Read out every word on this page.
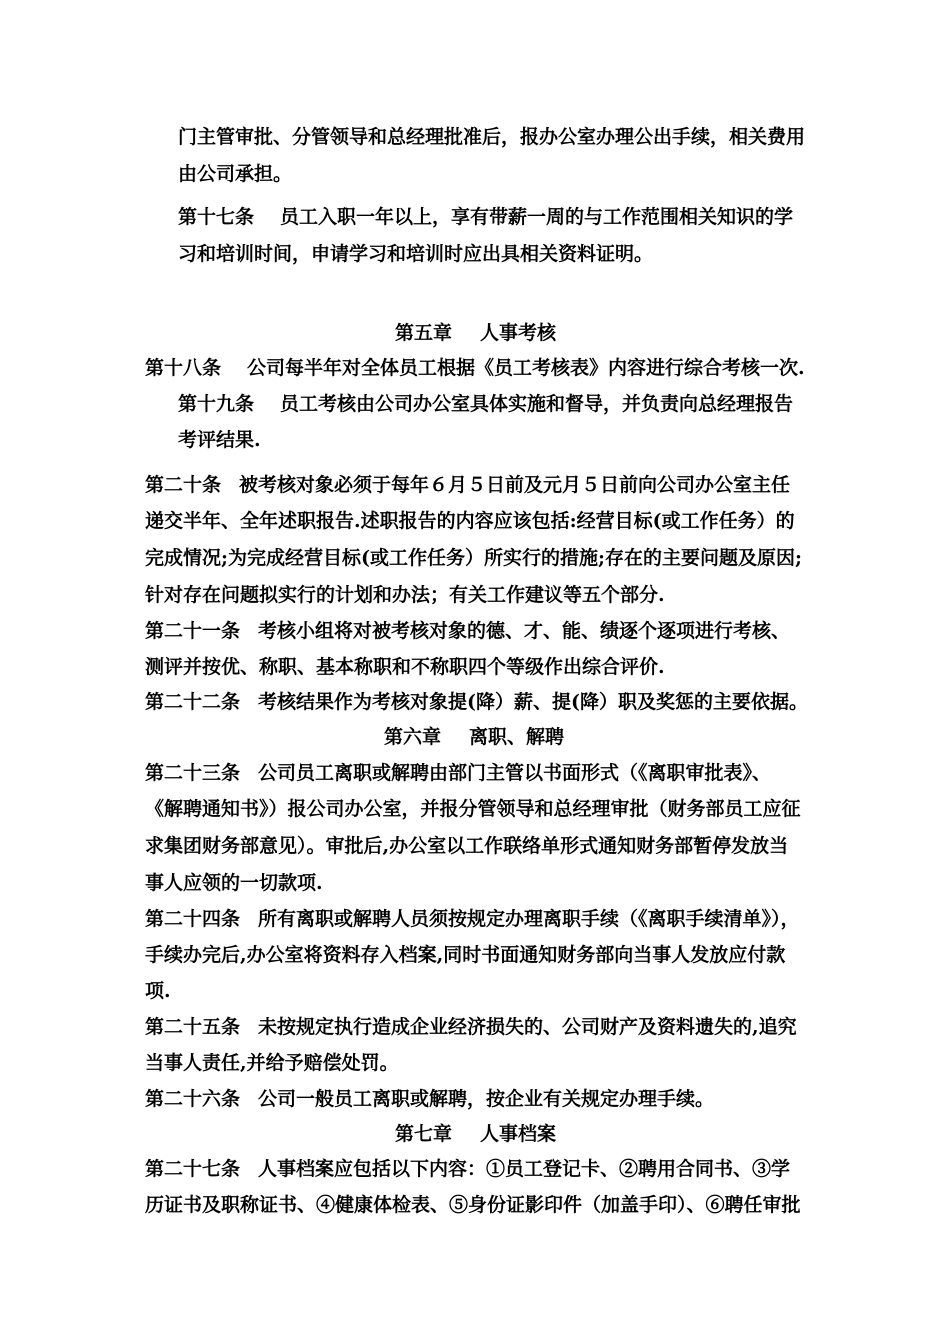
门主管审批、分管领导和总经理批准后，报办公室办理公出手续，相关费用
由公司承担。
第十七条 员工入职一年以上，享有带薪一周的与工作范围相关知识的学
习和培训时间，申请学习和培训时应出具相关资料证明。
第五章 人事考核
第十八条 公司每半年对全体员工根据《员工考核表》内容进行综合考核一次.
第十九条 员工考核由公司办公室具体实施和督导，并负责向总经理报告
考评结果.
第二十条 被考核对象必须于每年６月５日前及元月５日前向公司办公室主任
递交半年、全年述职报告.述职报告的内容应该包括:经营目标(或工作任务）的
完成情况;为完成经营目标(或工作任务）所实行的措施;存在的主要问题及原因;
针对存在问题拟实行的计划和办法；有关工作建议等五个部分.
第二十一条 考核小组将对被考核对象的德、才、能、绩逐个逐项进行考核、
测评并按优、称职、基本称职和不称职四个等级作出综合评价.
第二十二条 考核结果作为考核对象提(降）薪、提(降）职及奖惩的主要依据。
第六章 离职、解聘
第二十三条 公司员工离职或解聘由部门主管以书面形式（《离职审批表》、
《解聘通知书》）报公司办公室，并报分管领导和总经理审批（财务部员工应征
求集团财务部意见）。审批后,办公室以工作联络单形式通知财务部暂停发放当
事人应领的一切款项.
第二十四条 所有离职或解聘人员须按规定办理离职手续（《离职手续清单》），
手续办完后,办公室将资料存入档案,同时书面通知财务部向当事人发放应付款
项.
第二十五条 未按规定执行造成企业经济损失的、公司财产及资料遗失的,追究
当事人责任,并给予赔偿处罚。
第二十六条 公司一般员工离职或解聘，按企业有关规定办理手续。
第七章 人事档案
第二十七条 人事档案应包括以下内容：①员工登记卡、②聘用合同书、③学
历证书及职称证书、④健康体检表、⑤身份证影印件（加盖手印）、⑥聘任审批
